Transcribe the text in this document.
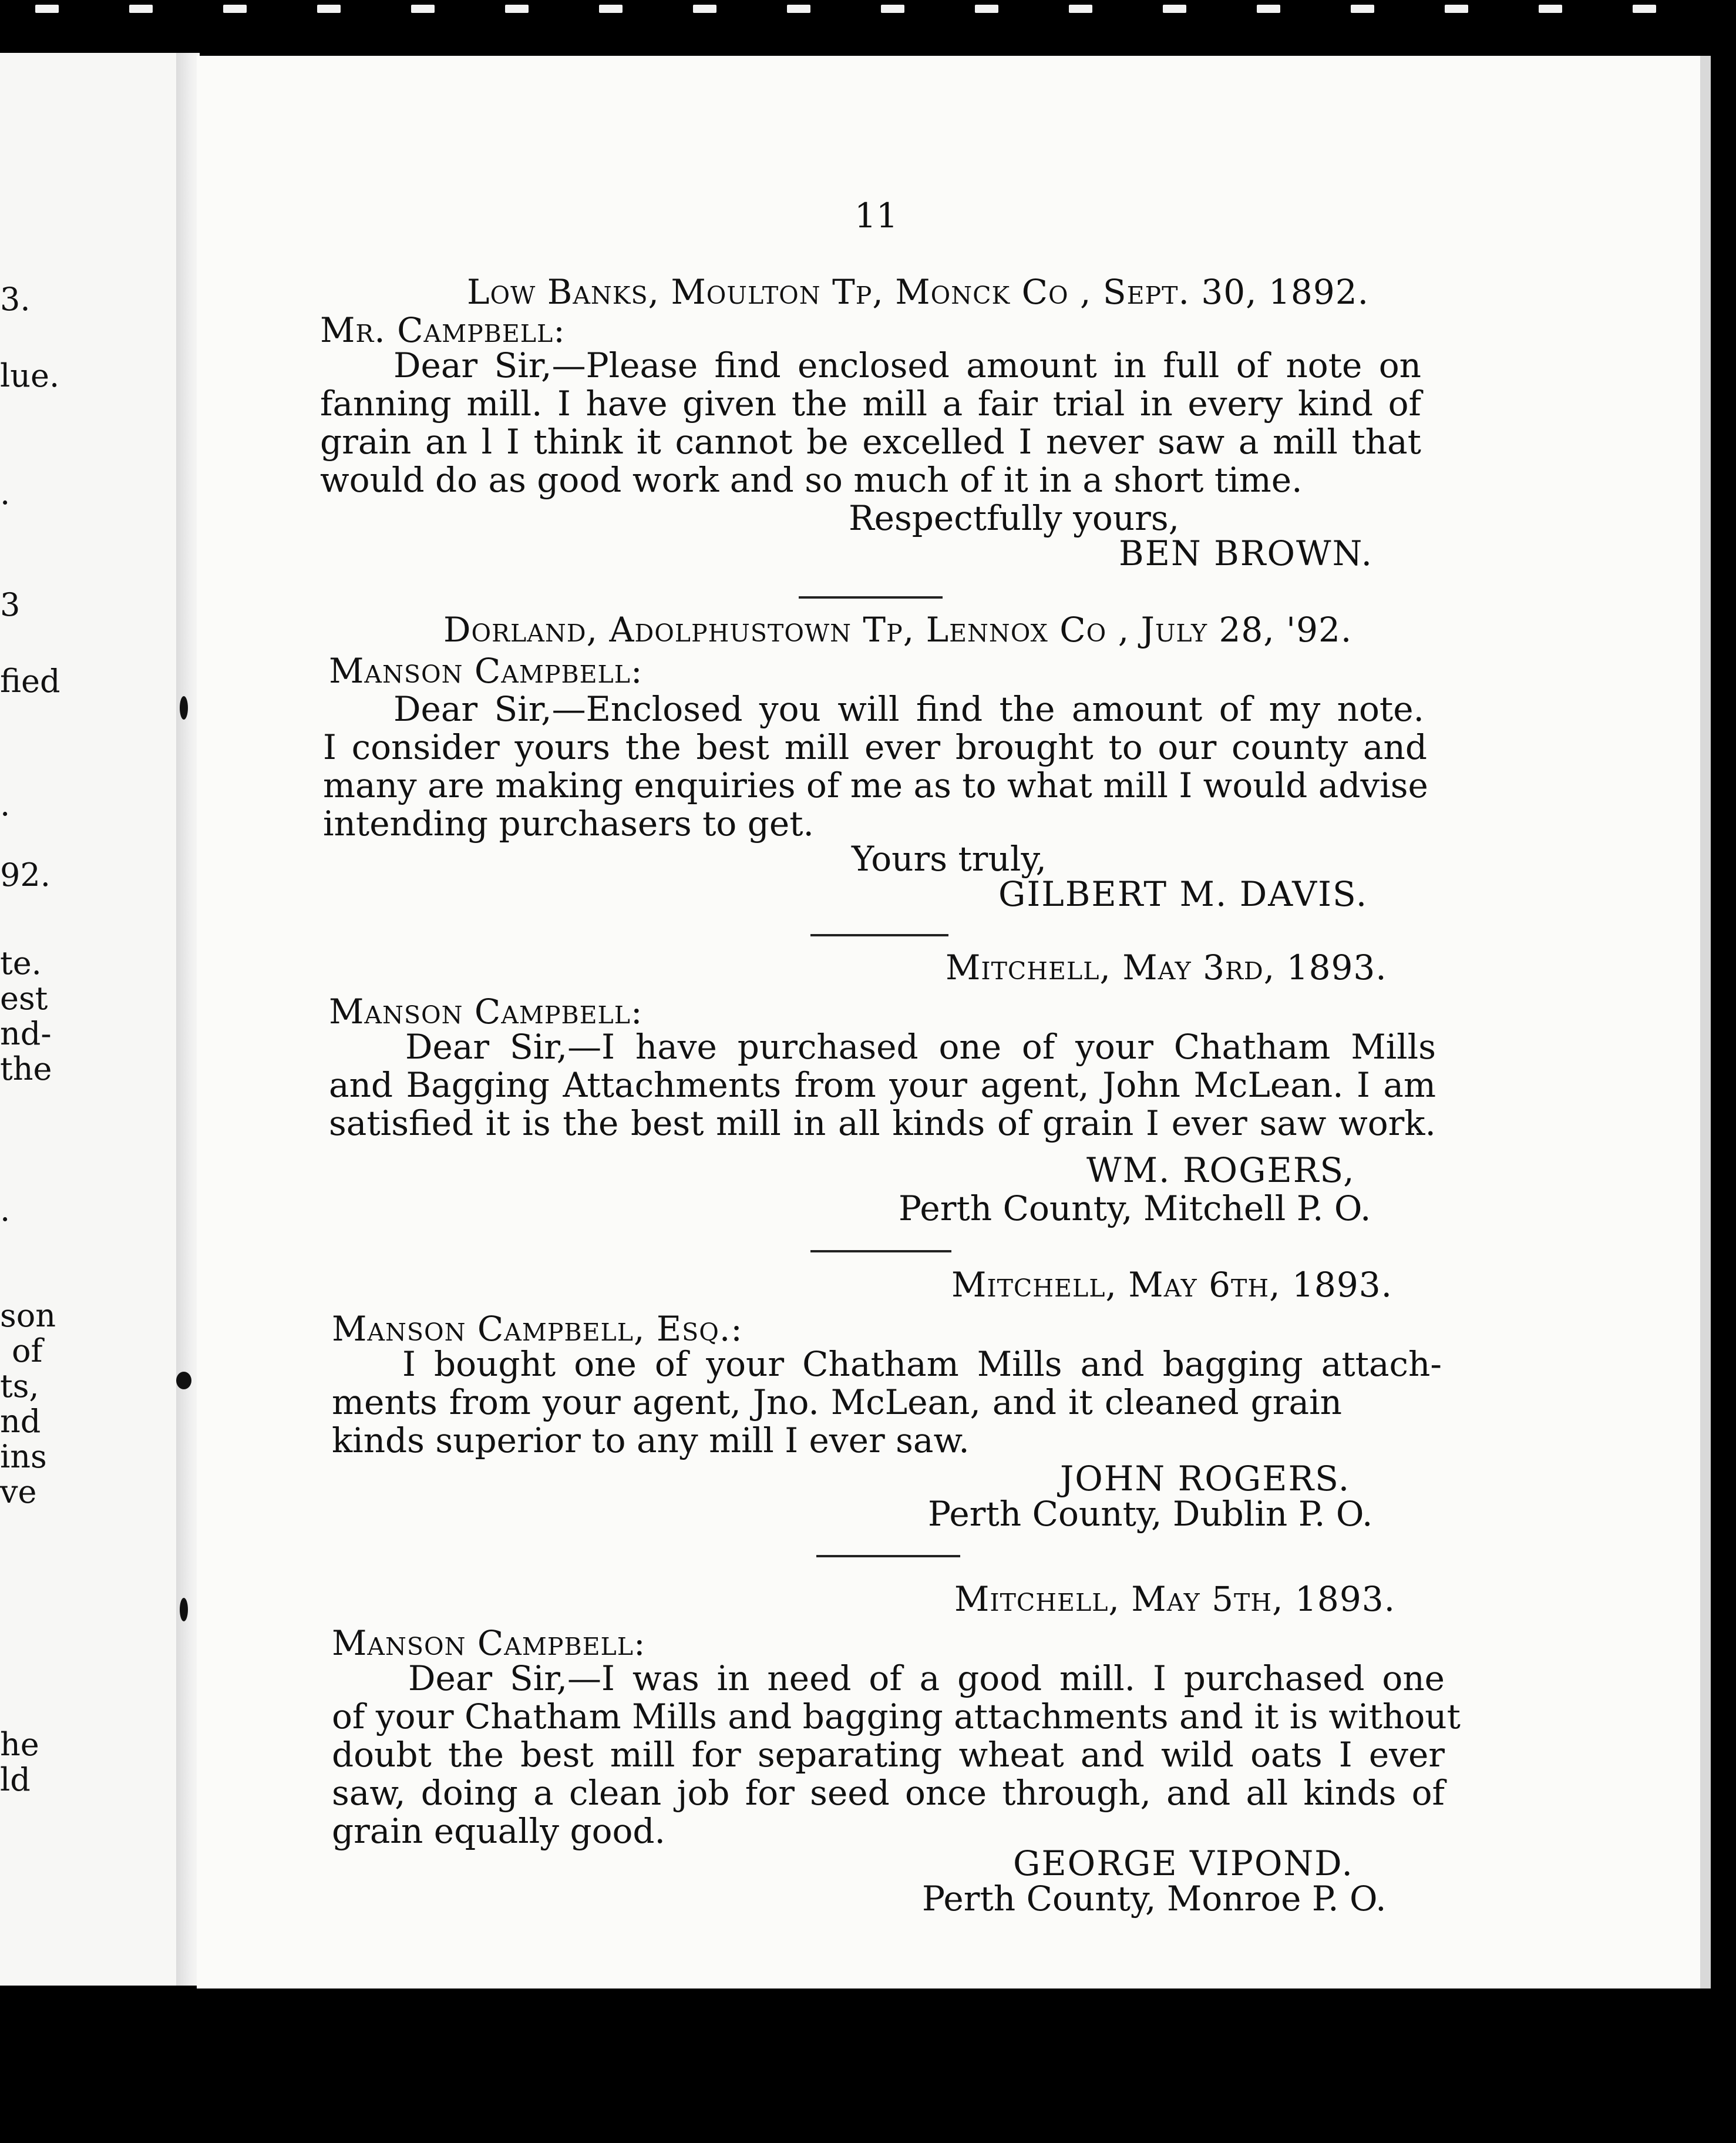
3.
lue.
.
3
fied
.
92.
te.
est
nd-
the
.
son
of
ts,
nd
ins
ve
he
ld
11
Low Banks, Moulton Tp, Monck Co , Sept. 30, 1892.
Mr. Campbell:
Dear Sir,—Please find enclosed amount in full of note on
fanning mill. I have given the mill a fair trial in every kind of
grain an l I think it cannot be excelled I never saw a mill that
would do as good work and so much of it in a short time.
Respectfully yours,
BEN BROWN.
Dorland, Adolphustown Tp, Lennox Co , July 28, '92.
Manson Campbell:
Dear Sir,—Enclosed you will find the amount of my note.
I consider yours the best mill ever brought to our county and
many are making enquiries of me as to what mill I would advise
intending purchasers to get.
Yours truly,
GILBERT M. DAVIS.
Mitchell, May 3rd, 1893.
Manson Campbell:
Dear Sir,—I have purchased one of your Chatham Mills
and Bagging Attachments from your agent, John McLean. I am
satisfied it is the best mill in all kinds of grain I ever saw work.
WM. ROGERS,
Perth County, Mitchell P. O.
Mitchell, May 6th, 1893.
Manson Campbell, Esq.:
I bought one of your Chatham Mills and bagging attach-
ments from your agent, Jno. McLean, and it cleaned grain
kinds superior to any mill I ever saw.
JOHN ROGERS.
Perth County, Dublin P. O.
Mitchell, May 5th, 1893.
Manson Campbell:
Dear Sir,—I was in need of a good mill. I purchased one
of your Chatham Mills and bagging attachments and it is without
doubt the best mill for separating wheat and wild oats I ever
saw, doing a clean job for seed once through, and all kinds of
grain equally good.
GEORGE VIPOND.
Perth County, Monroe P. O.
